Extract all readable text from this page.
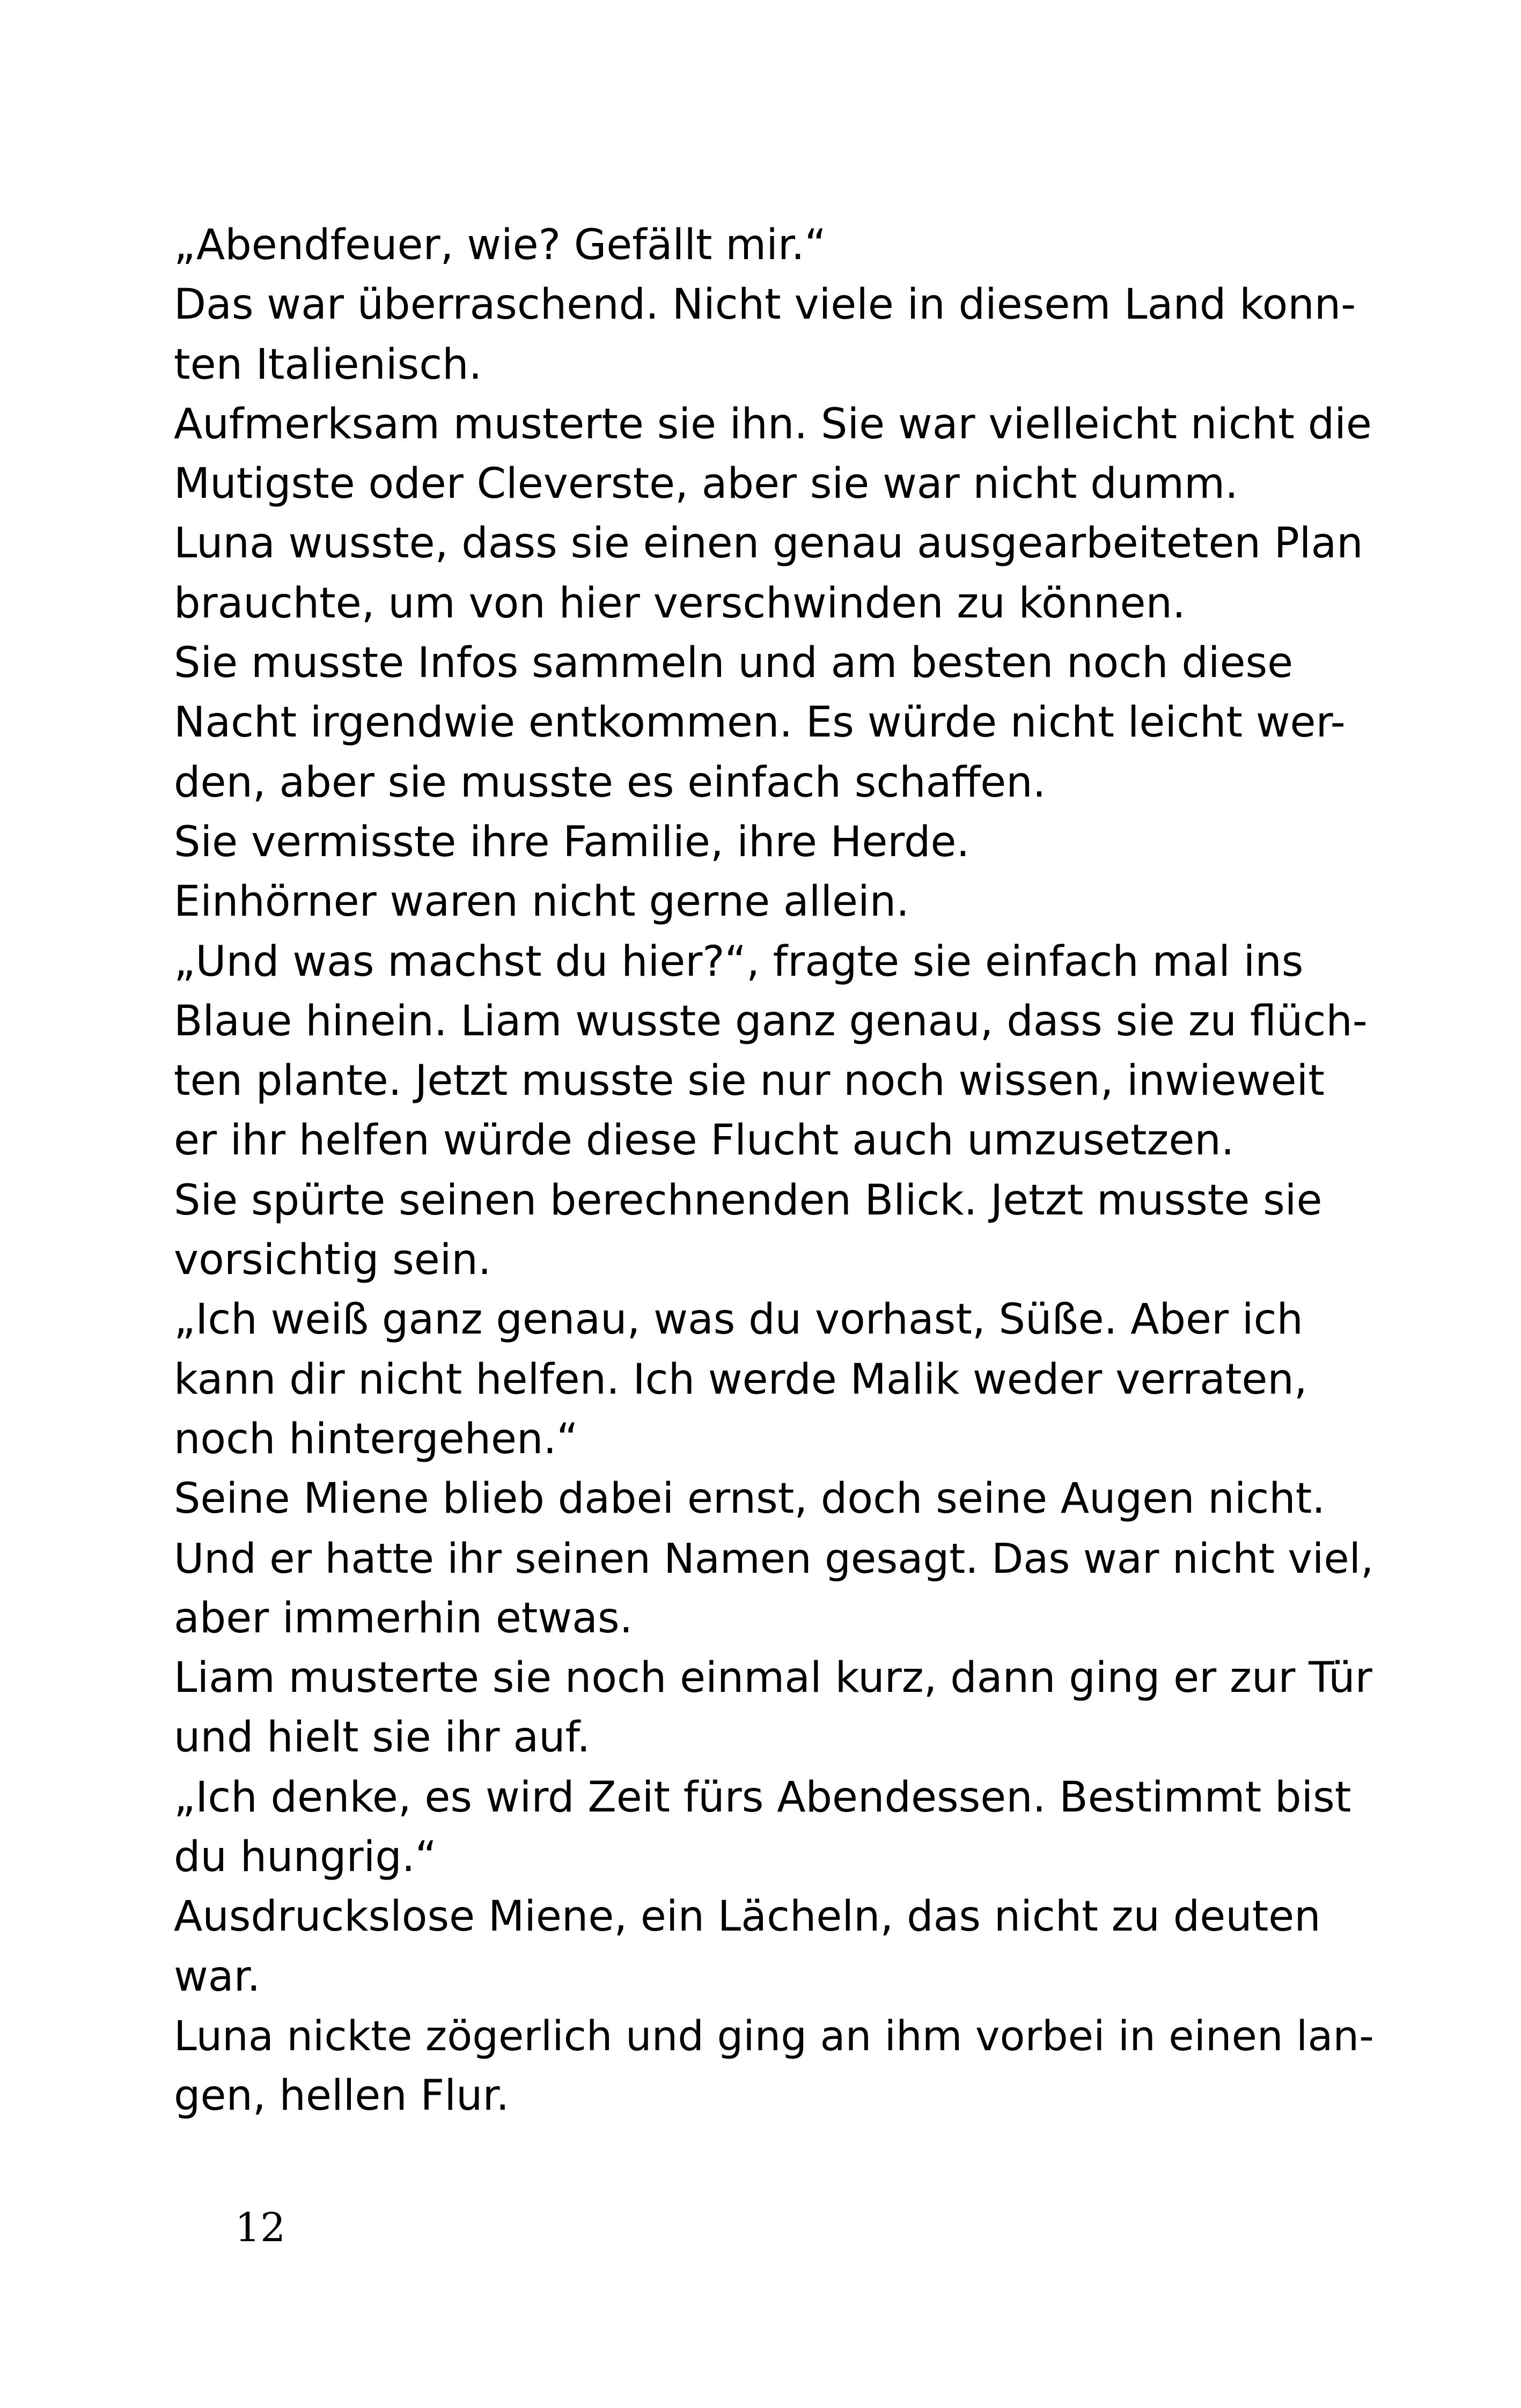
„Abendfeuer, wie? Gefällt mir.“
Das war überraschend. Nicht viele in diesem Land konn-
ten Italienisch.
Aufmerksam musterte sie ihn. Sie war vielleicht nicht die
Mutigste oder Cleverste, aber sie war nicht dumm.
Luna wusste, dass sie einen genau ausgearbeiteten Plan
brauchte, um von hier verschwinden zu können.
Sie musste Infos sammeln und am besten noch diese
Nacht irgendwie entkommen. Es würde nicht leicht wer-
den, aber sie musste es einfach schaffen.
Sie vermisste ihre Familie, ihre Herde.
Einhörner waren nicht gerne allein.
„Und was machst du hier?“, fragte sie einfach mal ins
Blaue hinein. Liam wusste ganz genau, dass sie zu flüch-
ten plante. Jetzt musste sie nur noch wissen, inwieweit
er ihr helfen würde diese Flucht auch umzusetzen.
Sie spürte seinen berechnenden Blick. Jetzt musste sie
vorsichtig sein.
„Ich weiß ganz genau, was du vorhast, Süße. Aber ich
kann dir nicht helfen. Ich werde Malik weder verraten,
noch hintergehen.“
Seine Miene blieb dabei ernst, doch seine Augen nicht.
Und er hatte ihr seinen Namen gesagt. Das war nicht viel,
aber immerhin etwas.
Liam musterte sie noch einmal kurz, dann ging er zur Tür
und hielt sie ihr auf.
„Ich denke, es wird Zeit fürs Abendessen. Bestimmt bist
du hungrig.“
Ausdruckslose Miene, ein Lächeln, das nicht zu deuten
war.
Luna nickte zögerlich und ging an ihm vorbei in einen lan-
gen, hellen Flur.
12
